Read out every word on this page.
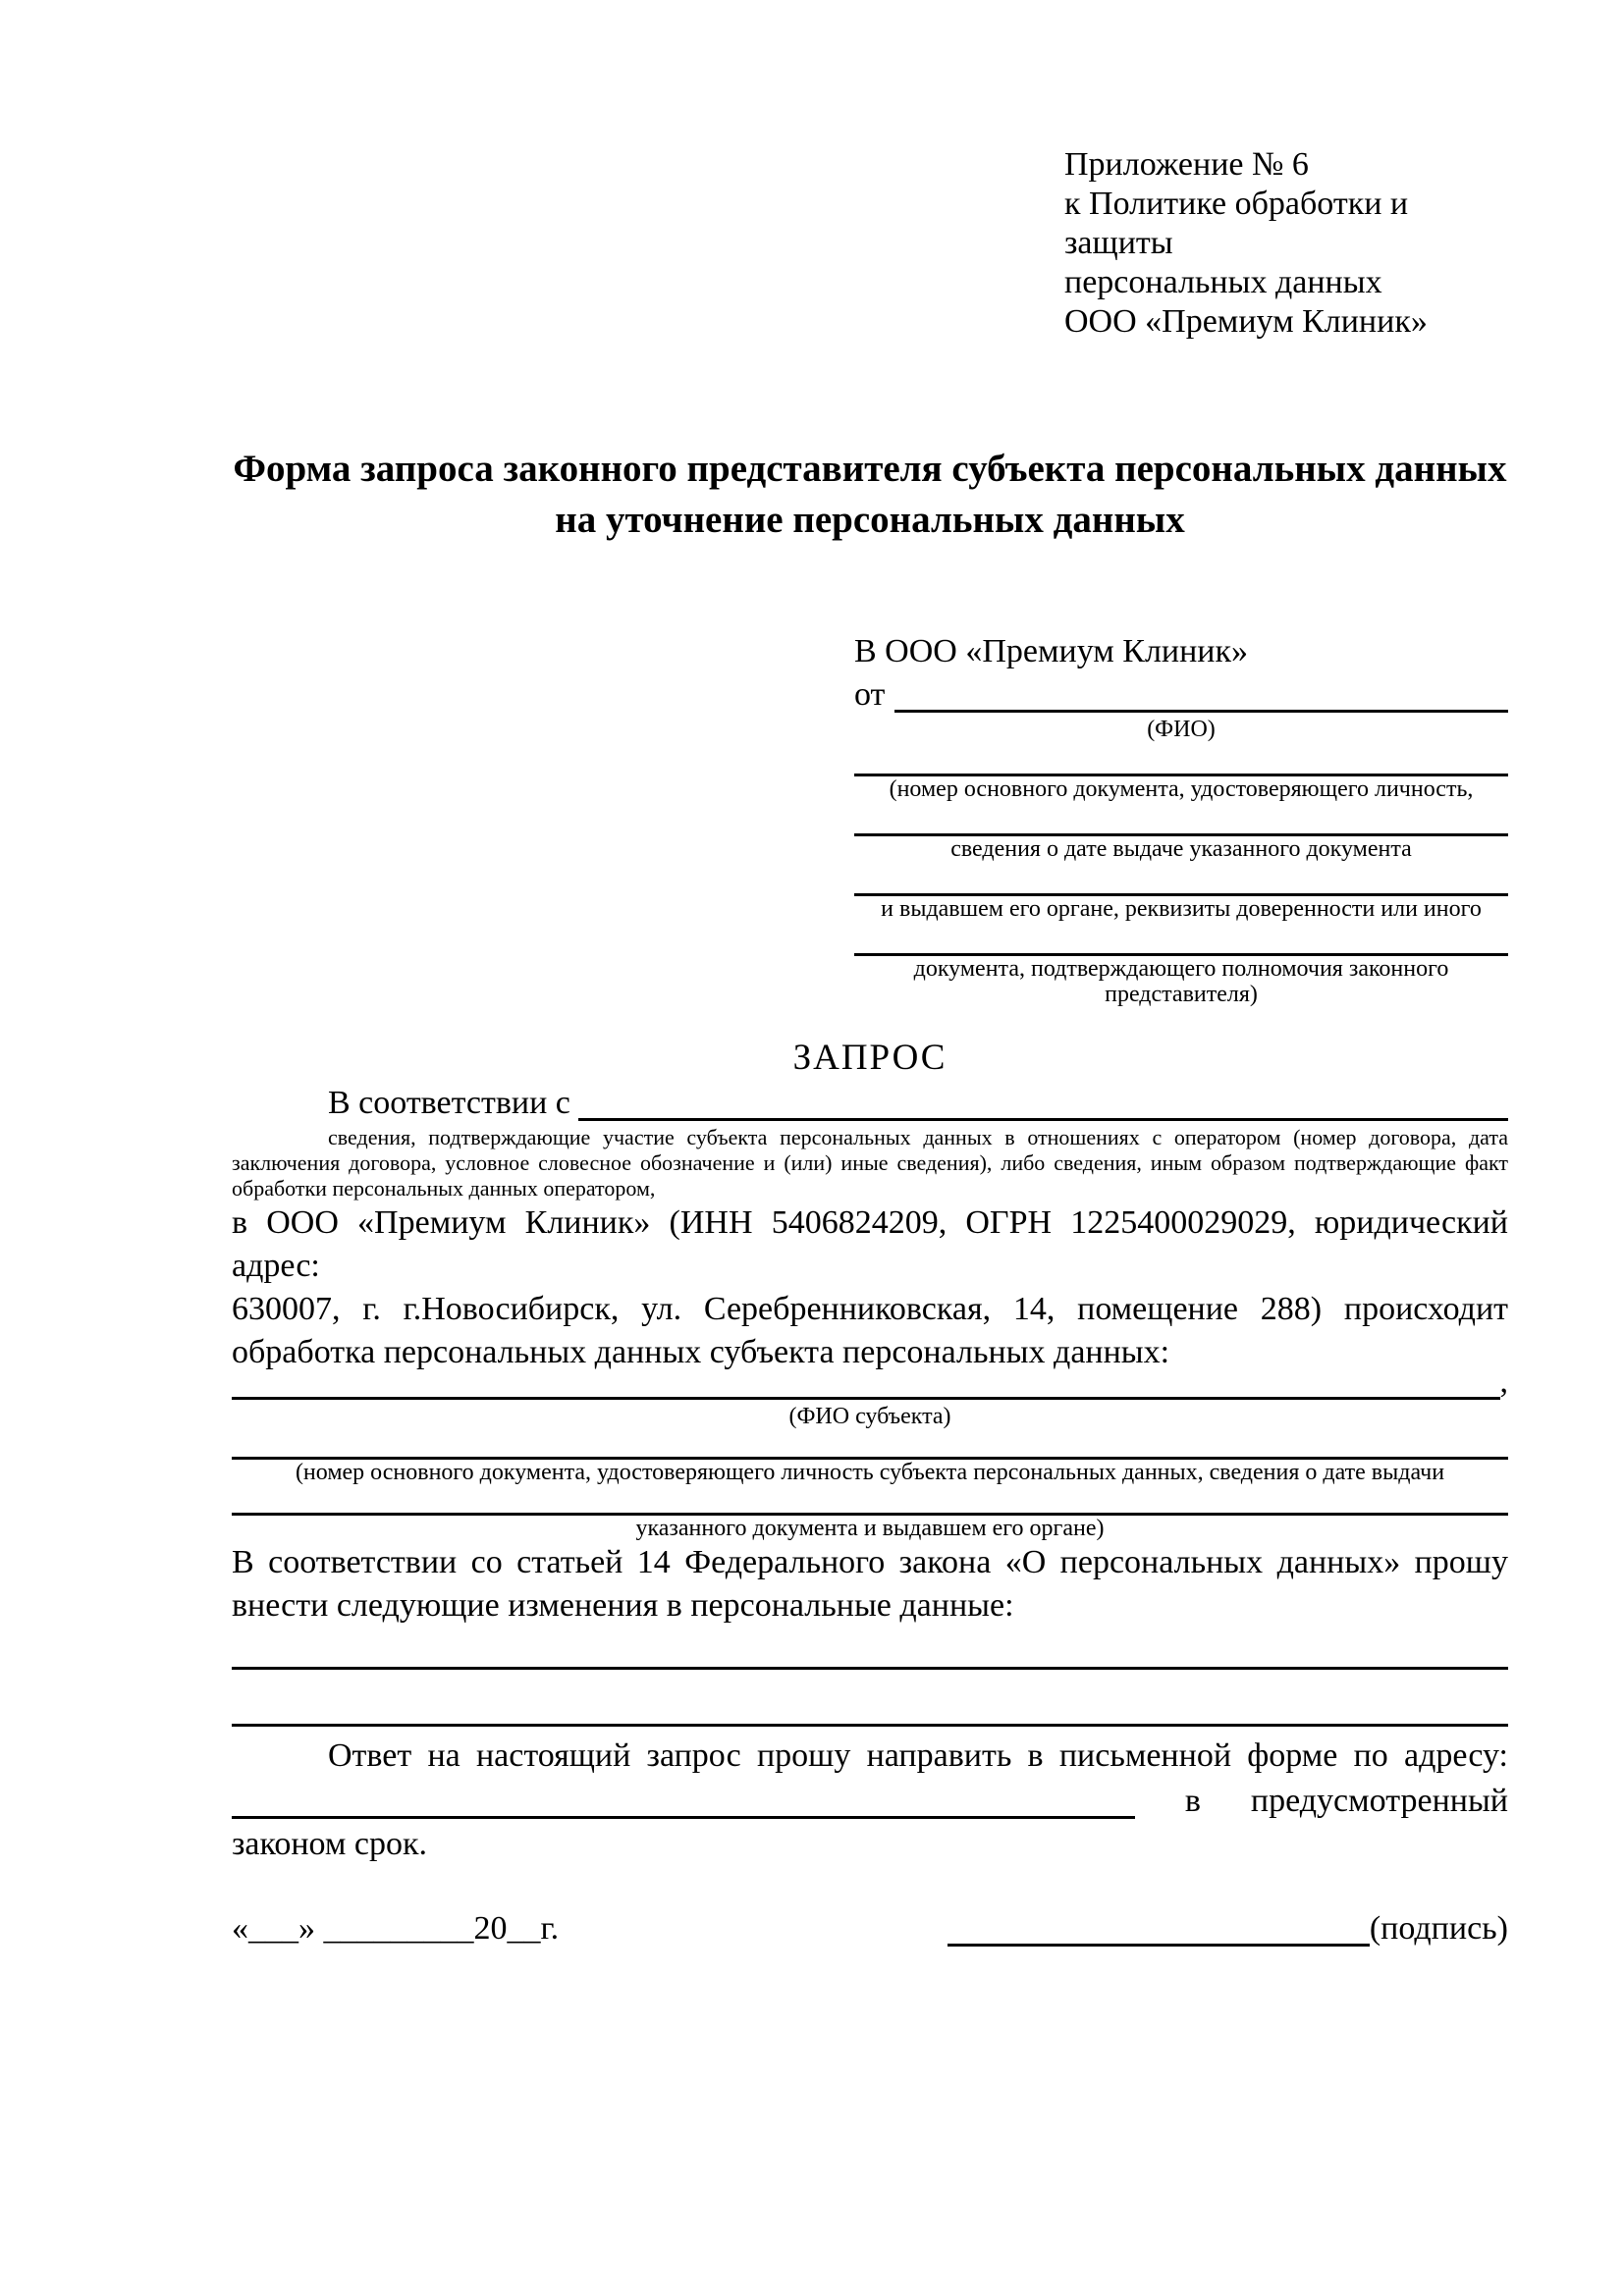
Приложение № 6
к Политике обработки и защиты
персональных данных
ООО «Премиум Клиник»
Форма запроса законного представителя субъекта персональных данных
на уточнение персональных данных
В ООО «Премиум Клиник»
от
(ФИО)
(номер основного документа, удостоверяющего личность,
сведения о дате выдаче указанного документа
и выдавшем его органе, реквизиты доверенности или иного
документа, подтверждающего полномочия законного представителя)
ЗАПРОС
В соответствии с
сведения, подтверждающие участие субъекта персональных данных в отношениях с оператором (номер договора, дата
заключения договора, условное словесное обозначение и (или) иные сведения), либо сведения, иным образом подтверждающие факт
обработки персональных данных оператором,
в ООО «Премиум Клиник» (ИНН 5406824209, ОГРН 1225400029029, юридический адрес:
630007, г. г.Новосибирск, ул. Серебренниковская, 14, помещение 288) происходит
обработка персональных данных субъекта персональных данных:
,
(ФИО субъекта)
(номер основного документа, удостоверяющего личность субъекта персональных данных, сведения о дате выдачи
указанного документа и выдавшем его органе)
В соответствии со статьей 14 Федерального закона «О персональных данных» прошу
внести следующие изменения в персональные данные:
Ответ на настоящий запрос прошу направить в письменной форме по адресу:
в предусмотренный
законом срок.
«___» _________20__г.	(подпись)
